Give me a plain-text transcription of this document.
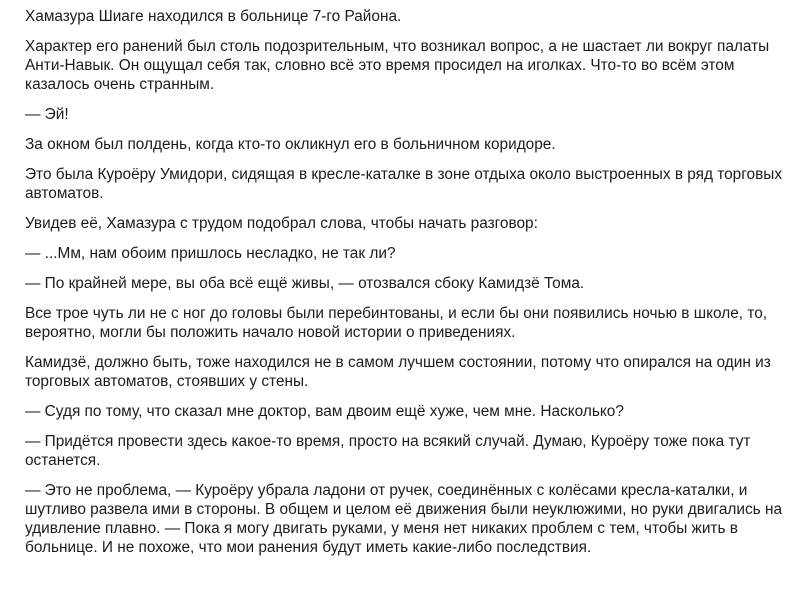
Хамазура Шиаге находился в больнице 7-го Района.

Характер его ранений был столь подозрительным, что возникал вопрос, а не шастает ли вокруг палаты Анти-Навык. Он ощущал себя так, словно всё это время просидел на иголках. Что-то во всём этом казалось очень странным.

— Эй!

За окном был полдень, когда кто-то окликнул его в больничном коридоре.

Это была Куроёру Умидори, сидящая в кресле-каталке в зоне отдыха около выстроенных в ряд торговых автоматов.

Увидев её, Хамазура с трудом подобрал слова, чтобы начать разговор:

— ...Мм, нам обоим пришлось несладко, не так ли?

— По крайней мере, вы оба всё ещё живы, — отозвался сбоку Камидзё Тома.

Все трое чуть ли не с ног до головы были перебинтованы, и если бы они появились ночью в школе, то, вероятно, могли бы положить начало новой истории о приведениях.

Камидзё, должно быть, тоже находился не в самом лучшем состоянии, потому что опирался на один из торговых автоматов, стоявших у стены.

— Судя по тому, что сказал мне доктор, вам двоим ещё хуже, чем мне. Насколько?

— Придётся провести здесь какое-то время, просто на всякий случай. Думаю, Куроёру тоже пока тут останется.

— Это не проблема, — Куроёру убрала ладони от ручек, соединённых с колёсами кресла-каталки, и шутливо развела ими в стороны. В общем и целом её движения были неуклюжими, но руки двигались на удивление плавно. — Пока я могу двигать руками, у меня нет никаких проблем с тем, чтобы жить в больнице. И не похоже, что мои ранения будут иметь какие-либо последствия.
